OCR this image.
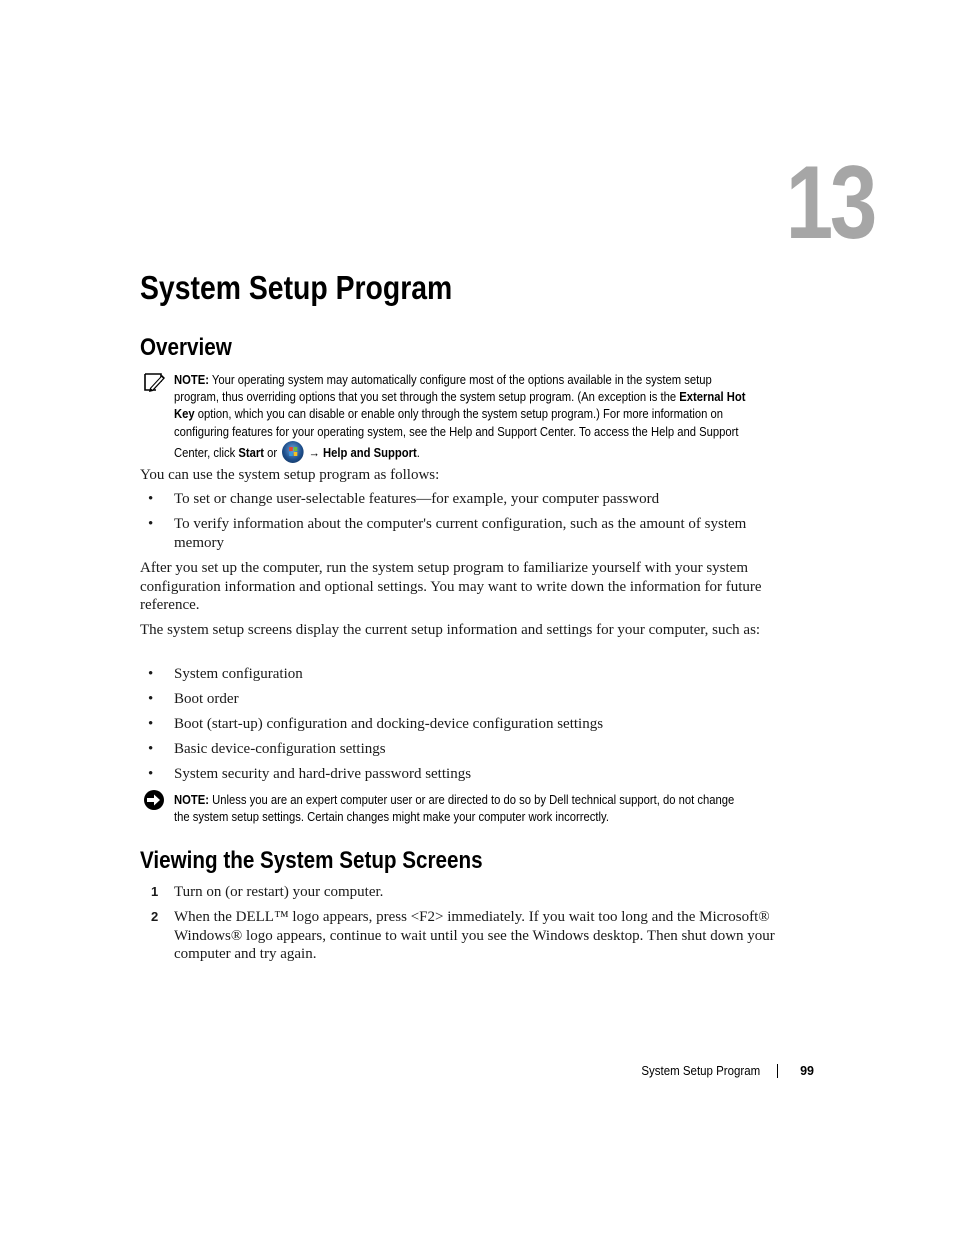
13
System Setup Program
Overview
NOTE: Your operating system may automatically configure most of the options available in the system setup program, thus overriding options that you set through the system setup program. (An exception is the External Hot Key option, which you can disable or enable only through the system setup program.) For more information on configuring features for your operating system, see the Help and Support Center. To access the Help and Support Center, click Start or
→ Help and Support.

You can use the system setup program as follows:

• To set or change user-selectable features—for example, your computer password
• To verify information about the computer's current configuration, such as the amount of system memory

After you set up the computer, run the system setup program to familiarize yourself with your system configuration information and optional settings. You may want to write down the information for future reference.

The system setup screens display the current setup information and settings for your computer, such as:

• System configuration
• Boot order
• Boot (start-up) configuration and docking-device configuration settings
• Basic device-configuration settings
• System security and hard-drive password settings
NOTE: Unless you are an expert computer user or are directed to do so by Dell technical support, do not change the system setup settings. Certain changes might make your computer work incorrectly.
Viewing the System Setup Screens
1 Turn on (or restart) your computer.
2 When the DELL™ logo appears, press <F2> immediately. If you wait too long and the Microsoft® Windows® logo appears, continue to wait until you see the Windows desktop. Then shut down your computer and try again.
System Setup Program	99
